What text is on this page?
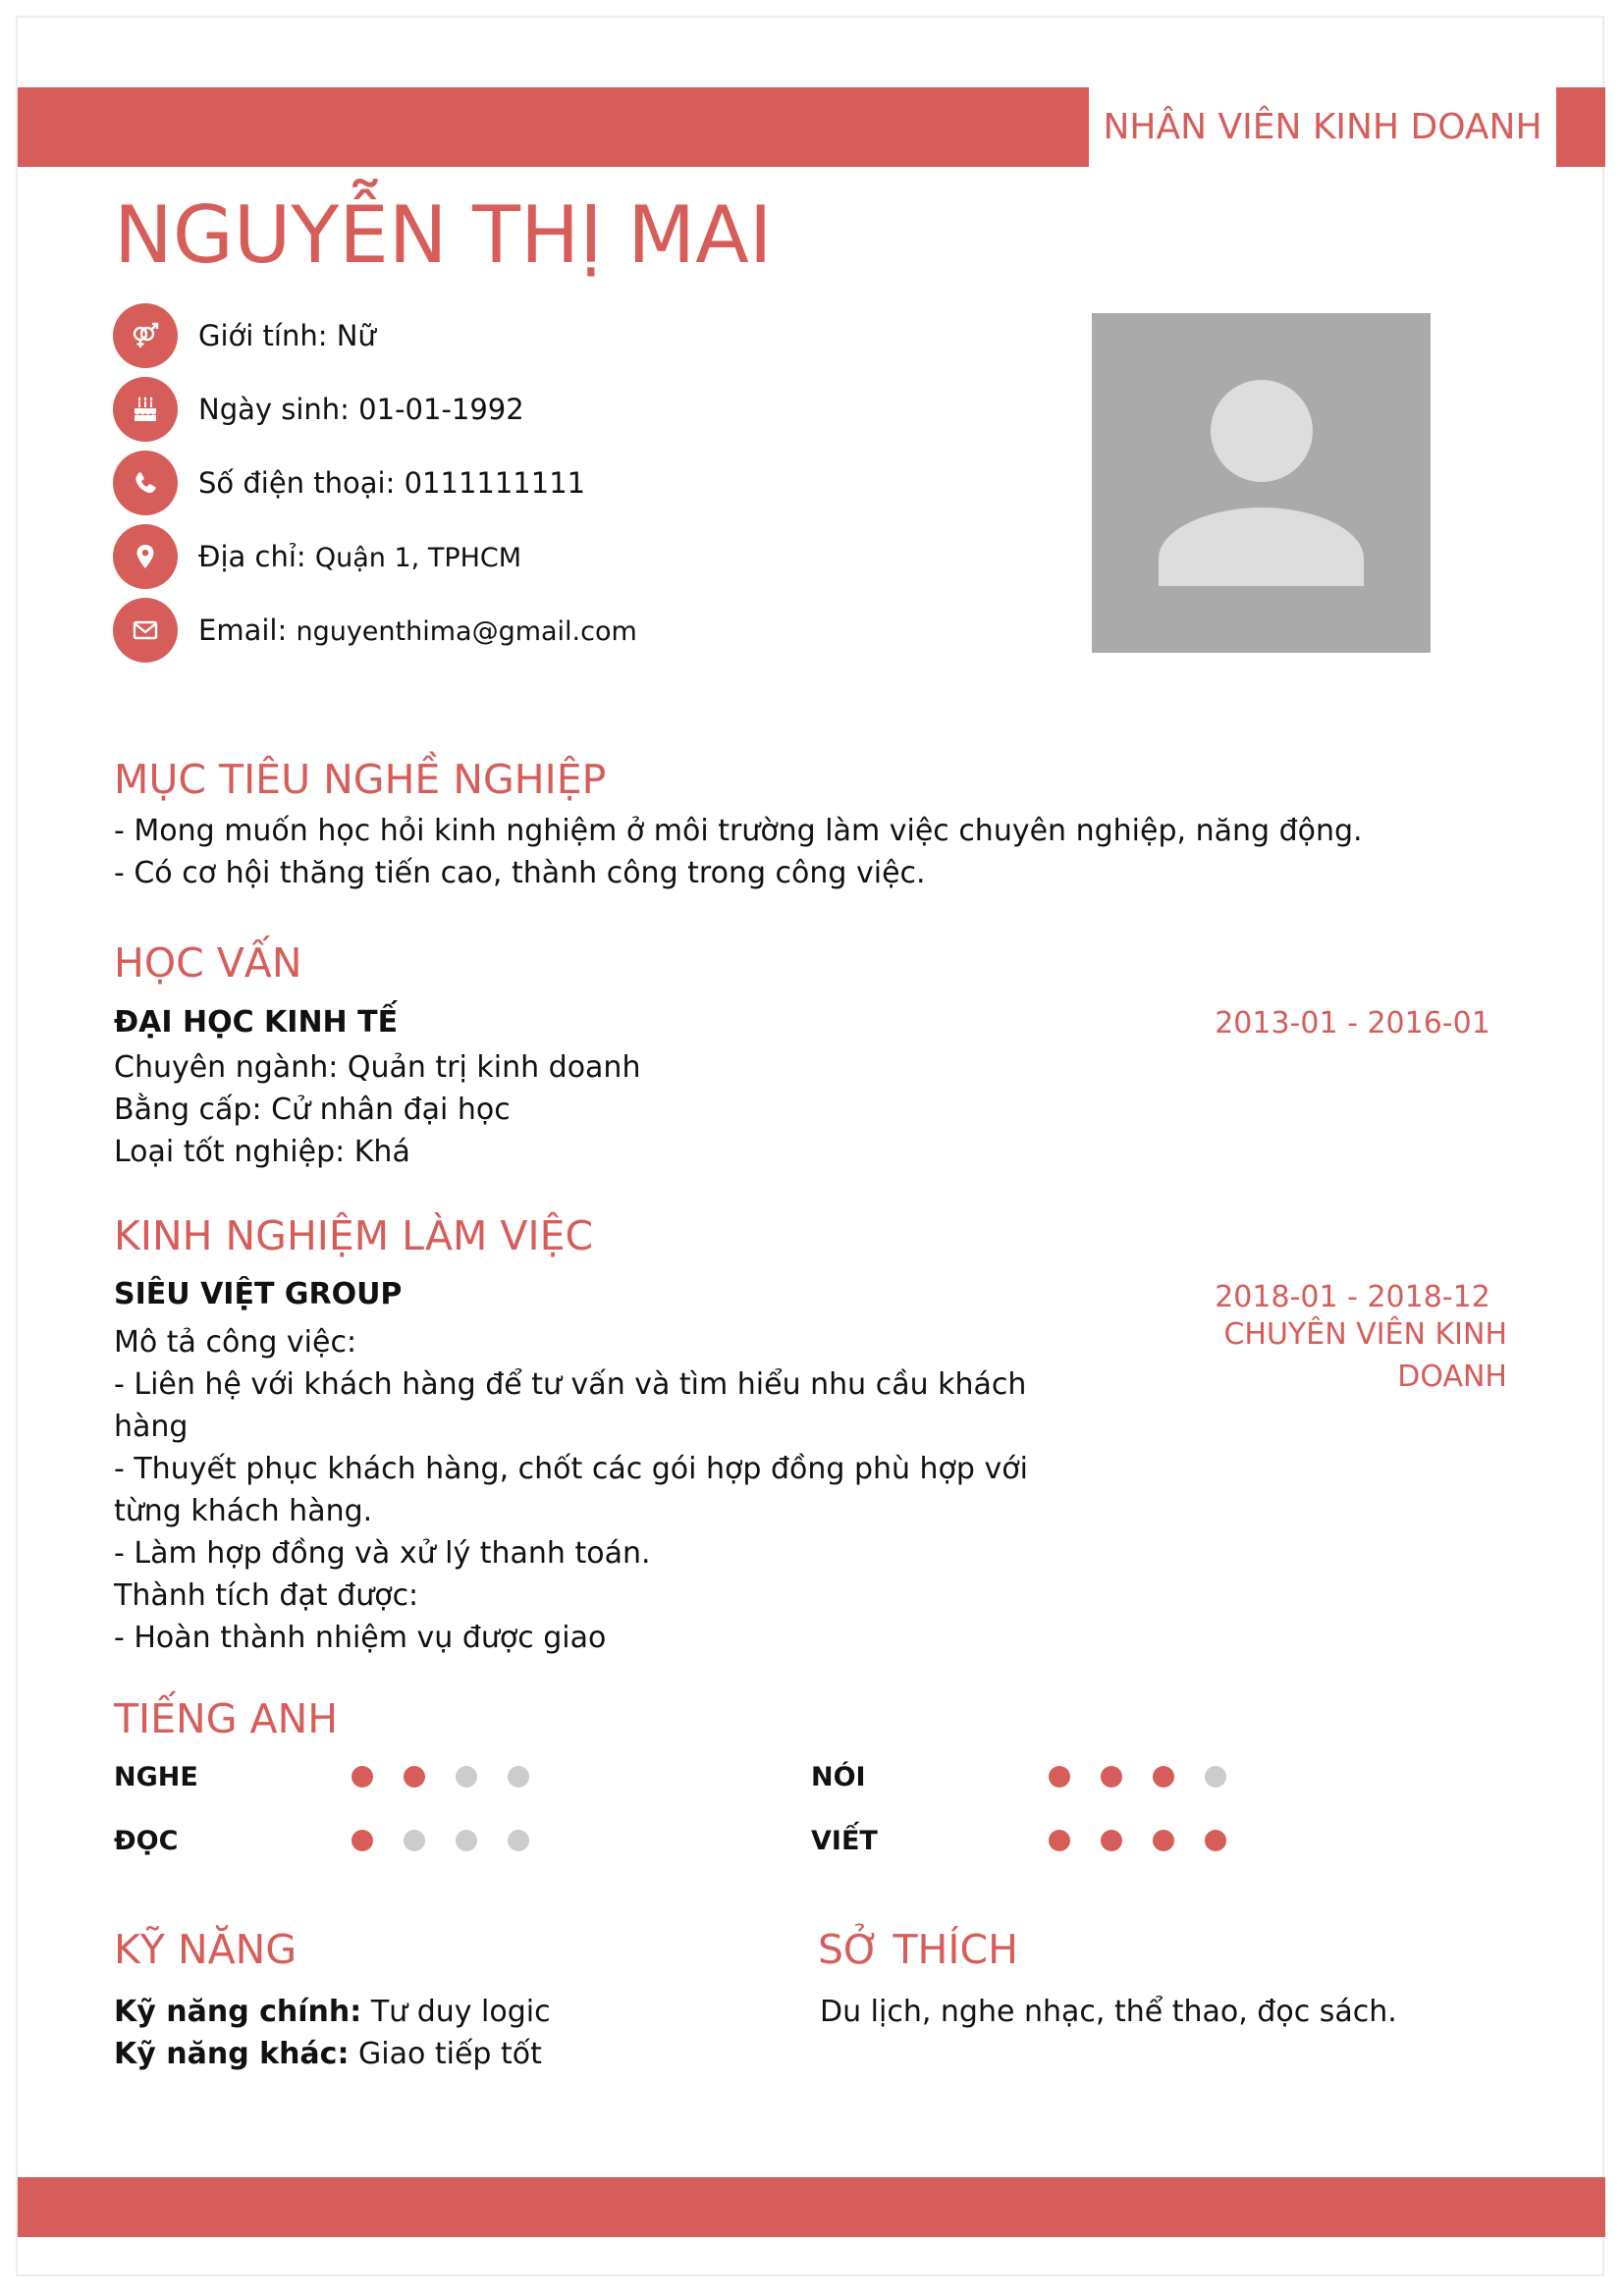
NHÂN VIÊN KINH DOANH
NGUYỄN THỊ MAI
Giới tính: Nữ
Ngày sinh: 01-01-1992
Số điện thoại: 0111111111
Địa chỉ: Quận 1, TPHCM
Email: nguyenthima@gmail.com
MỤC TIÊU NGHỀ NGHIỆP
- Mong muốn học hỏi kinh nghiệm ở môi trường làm việc chuyên nghiệp, năng động.
- Có cơ hội thăng tiến cao, thành công trong công việc.
HỌC VẤN
ĐẠI HỌC KINH TẾ	2013-01 - 2016-01
Chuyên ngành: Quản trị kinh doanh
Bằng cấp: Cử nhân đại học
Loại tốt nghiệp: Khá
KINH NGHIỆM LÀM VIỆC
SIÊU VIỆT GROUP	2018-01 - 2018-12
CHUYÊN VIÊN KINH DOANH
Mô tả công việc:
- Liên hệ với khách hàng để tư vấn và tìm hiểu nhu cầu khách hàng
- Thuyết phục khách hàng, chốt các gói hợp đồng phù hợp với từng khách hàng.
- Làm hợp đồng và xử lý thanh toán.
Thành tích đạt được:
- Hoàn thành nhiệm vụ được giao
TIẾNG ANH
NGHE	NÓI
ĐỌC	VIẾT
KỸ NĂNG
Kỹ năng chính: Tư duy logic
Kỹ năng khác: Giao tiếp tốt
SỞ THÍCH
Du lịch, nghe nhạc, thể thao, đọc sách.
